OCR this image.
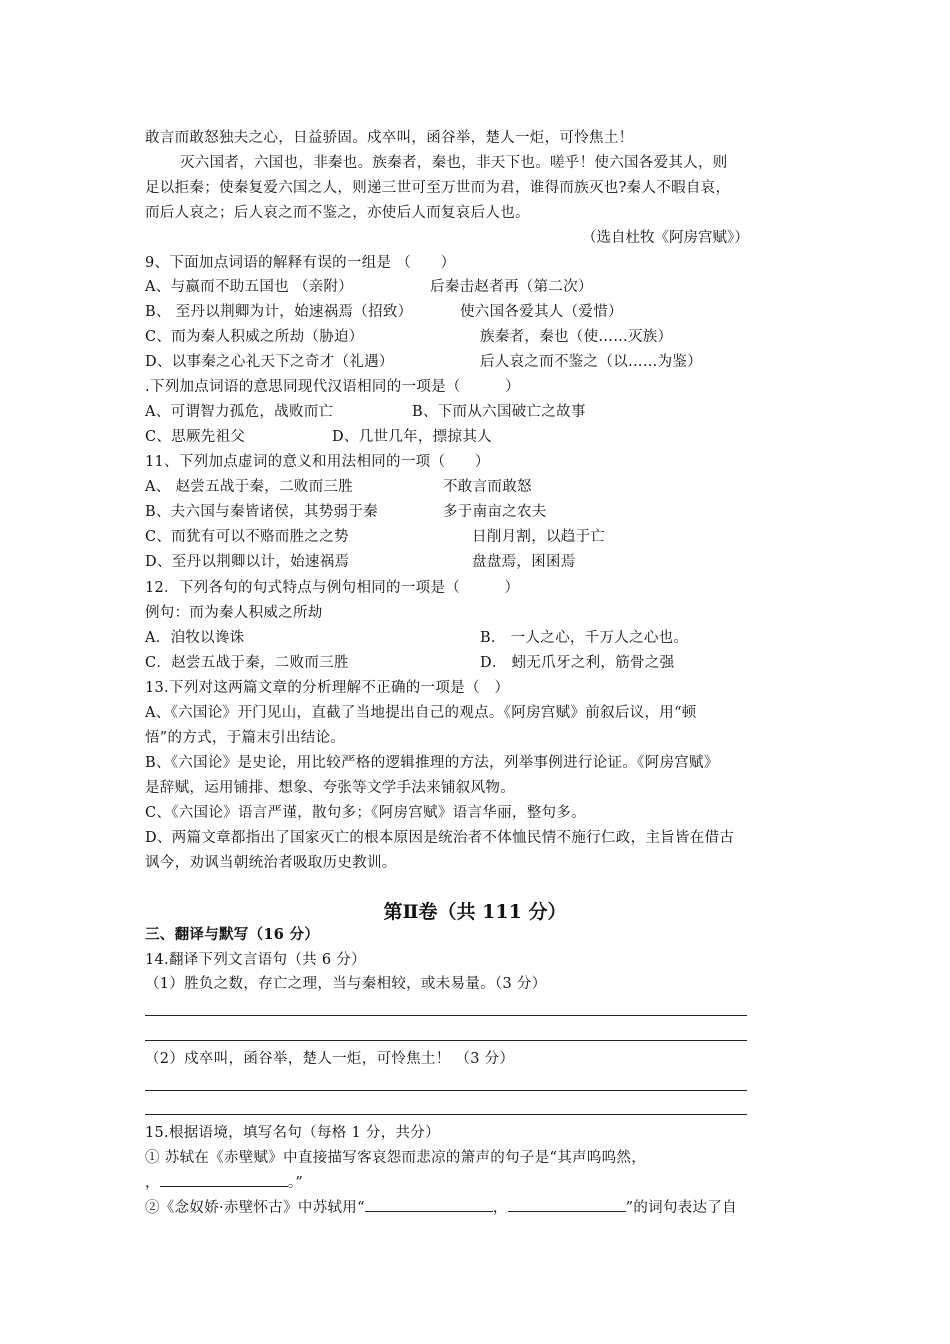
敢言而敢怒独夫之心，日益骄固。戍卒叫，函谷举，楚人一炬，可怜焦土！
灭六国者，六国也，非秦也。族秦者，秦也，非天下也。嗟乎！使六国各爱其人，则
足以拒秦；使秦复爱六国之人，则递三世可至万世而为君，谁得而族灭也?秦人不暇自哀，
而后人哀之；后人哀之而不鉴之，亦使后人而复哀后人也。
（选自杜牧《阿房宫赋》）
9、下面加点词语的解释有误的一组是 （　　）
A、与嬴而不助五国也 （亲附）	后秦击赵者再（第二次）
B、 至丹以荆卿为计，始速祸焉（招致）	使六国各爱其人（爱惜）
C、而为秦人积威之所劫（胁迫）	族秦者，秦也（使……灭族）
D、以事秦之心礼天下之奇才（礼遇）	后人哀之而不鉴之（以……为鉴）
.下列加点词语的意思同现代汉语相同的一项是（　　　）
A、可谓智力孤危，战败而亡	B、下而从六国破亡之故事
C、思厥先祖父	D、几世几年，摽掠其人
11、下列加点虚词的意义和用法相同的一项（　　）
A、 赵尝五战于秦，二败而三胜	不敢言而敢怒
B、夫六国与秦皆诸侯，其势弱于秦	多于南亩之农夫
C、而犹有可以不赂而胜之之势	日削月割，以趋于亡
D、至丹以荆卿以计，始速祸焉	盘盘焉，囷囷焉
12．下列各句的句式特点与例句相同的一项是（　　　）
例句：而为秦人积威之所劫
A．洎牧以谗诛	B． 一人之心，千万人之心也。
C．赵尝五战于秦，二败而三胜	D． 蚓无爪牙之利，筋骨之强
13.下列对这两篇文章的分析理解不正确的一项是（　）
A、《六国论》开门见山，直截了当地提出自己的观点。《阿房宫赋》前叙后议，用“顿
悟”的方式，于篇末引出结论。
B、《六国论》是史论，用比较严格的逻辑推理的方法，列举事例进行论证。《阿房宫赋》
是辞赋，运用铺排、想象、夸张等文学手法来铺叙风物。
C、《六国论》语言严谨，散句多；《阿房宫赋》语言华丽，整句多。
D、两篇文章都指出了国家灭亡的根本原因是统治者不体恤民情不施行仁政，主旨皆在借古
讽今，劝讽当朝统治者吸取历史教训。
第Ⅱ卷（共 111 分）
三、翻译与默写（16 分）
14.翻译下列文言语句（共 6 分）
（1）胜负之数，存亡之理，当与秦相较，或未易量。（3 分）
（2）戍卒叫，函谷举，楚人一炬，可怜焦土！ （3 分）
15.根据语境，填写名句（每格 1 分，共分）
① 苏轼在《赤壁赋》中直接描写客哀怨而悲凉的箫声的句子是“其声呜呜然，
，	。”
②《念奴娇·赤壁怀古》中苏轼用“	，	”的词句表达了自
